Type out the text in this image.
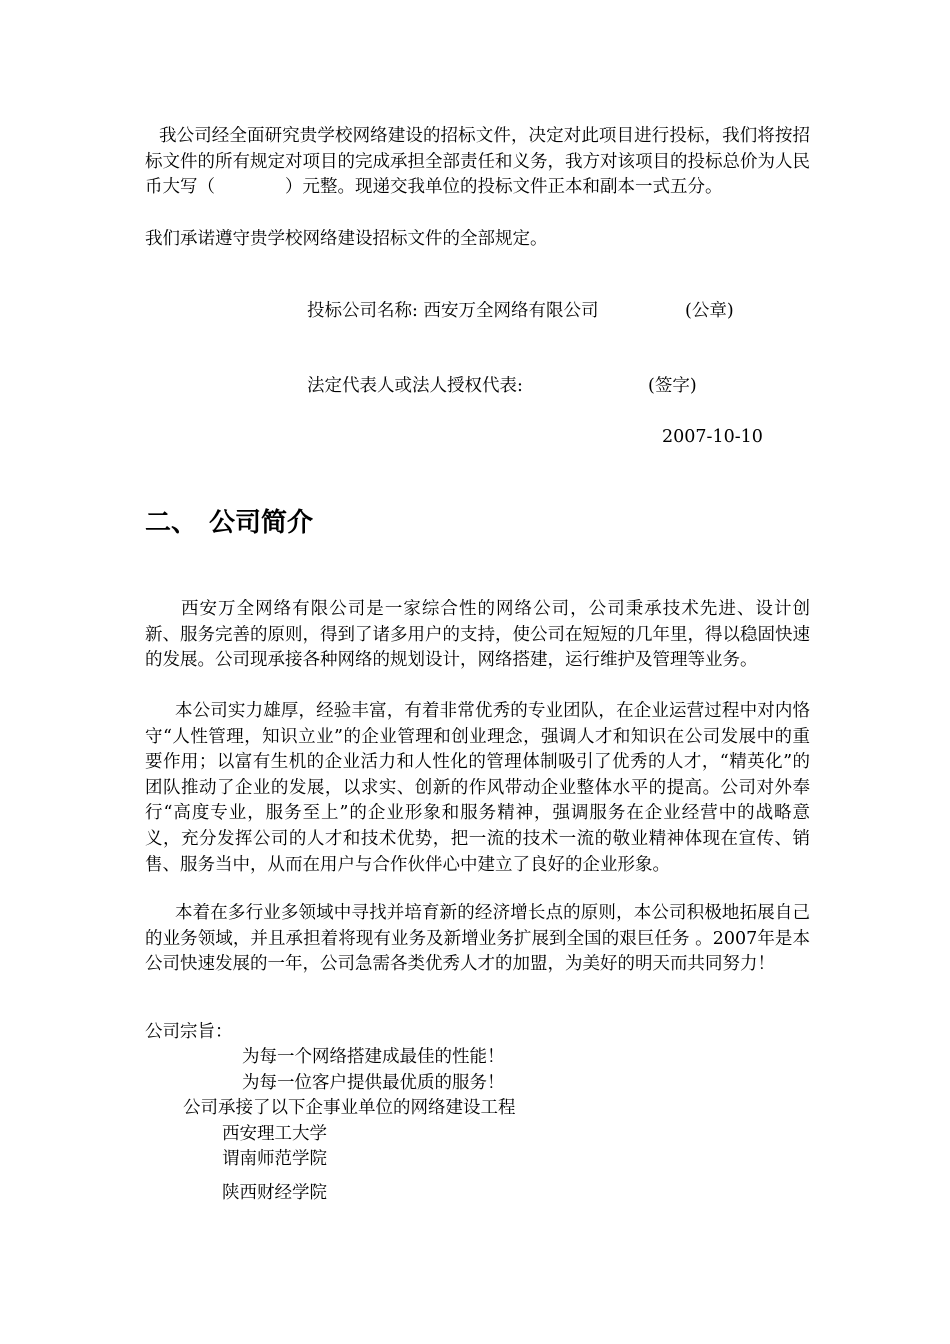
我公司经全面研究贵学校网络建设的招标文件，决定对此项目进行投标，我们将按招标文件的所有规定对项目的完成承担全部责任和义务，我方对该项目的投标总价为人民币大写（　　　　）元整。现递交我单位的投标文件正本和副本一式五分。
我们承诺遵守贵学校网络建设招标文件的全部规定。
投标公司名称: 西安万全网络有限公司	(公章)
法定代表人或法人授权代表:	(签字)
2007-10-10
二、 公司简介
西安万全网络有限公司是一家综合性的网络公司，公司秉承技术先进、设计创新、服务完善的原则，得到了诸多用户的支持，使公司在短短的几年里，得以稳固快速的发展。公司现承接各种网络的规划设计，网络搭建，运行维护及管理等业务。
本公司实力雄厚，经验丰富，有着非常优秀的专业团队，在企业运营过程中对内恪守“人性管理，知识立业”的企业管理和创业理念，强调人才和知识在公司发展中的重要作用；以富有生机的企业活力和人性化的管理体制吸引了优秀的人才，“精英化”的团队推动了企业的发展，以求实、创新的作风带动企业整体水平的提高。公司对外奉行“高度专业，服务至上”的企业形象和服务精神，强调服务在企业经营中的战略意义，充分发挥公司的人才和技术优势，把一流的技术一流的敬业精神体现在宣传、销售、服务当中，从而在用户与合作伙伴心中建立了良好的企业形象。
本着在多行业多领域中寻找并培育新的经济增长点的原则，本公司积极地拓展自己的业务领域，并且承担着将现有业务及新增业务扩展到全国的艰巨任务 。2007年是本公司快速发展的一年，公司急需各类优秀人才的加盟，为美好的明天而共同努力！
公司宗旨：
为每一个网络搭建成最佳的性能！
为每一位客户提供最优质的服务！
公司承接了以下企事业单位的网络建设工程
西安理工大学
谓南师范学院
陕西财经学院
